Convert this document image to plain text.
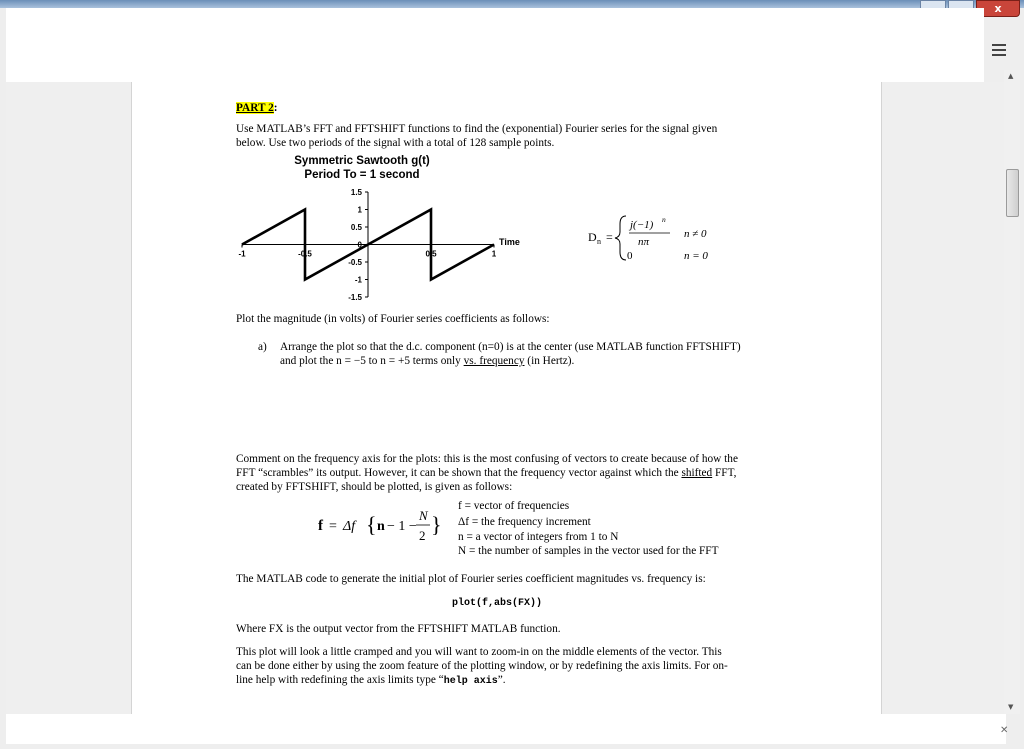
x
▲
▼
✕
PART 2:
Use MATLAB’s FFT and FFTSHIFT functions to find the (exponential) Fourier series for the signal given
below. Use two periods of the signal with a total of 128 sample points.
Symmetric Sawtooth g(t)
Period To = 1 second
1.5
1
0.5
0
-0.5
-1
-1.5
-1	-0.5	0.5	1
Time	D n =
j(−1) n
nπ
0
n ≠ 0
n = 0
Plot the magnitude (in volts) of Fourier series coefficients as follows:
a) Arrange the plot so that the d.c. component (n=0) is at the center (use MATLAB function FFTSHIFT)
and plot the n = −5 to n = +5 terms only vs. frequency (in Hertz).
Comment on the frequency axis for the plots: this is the most confusing of vectors to create because of how the
FFT “scrambles” its output. However, it can be shown that the frequency vector against which the shifted FFT,
created by FFTSHIFT, should be plotted, is given as follows:
f = Δf { n − 1 −
N
2 }
f = vector of frequencies
Δf = the frequency increment
n = a vector of integers from 1 to N
N = the number of samples in the vector used for the FFT
The MATLAB code to generate the initial plot of Fourier series coefficient magnitudes vs. frequency is:
plot(f,abs(FX))
Where FX is the output vector from the FFTSHIFT MATLAB function.
This plot will look a little cramped and you will want to zoom-in on the middle elements of the vector. This
can be done either by using the zoom feature of the plotting window, or by redefining the axis limits. For on-
line help with redefining the axis limits type “help axis”.
